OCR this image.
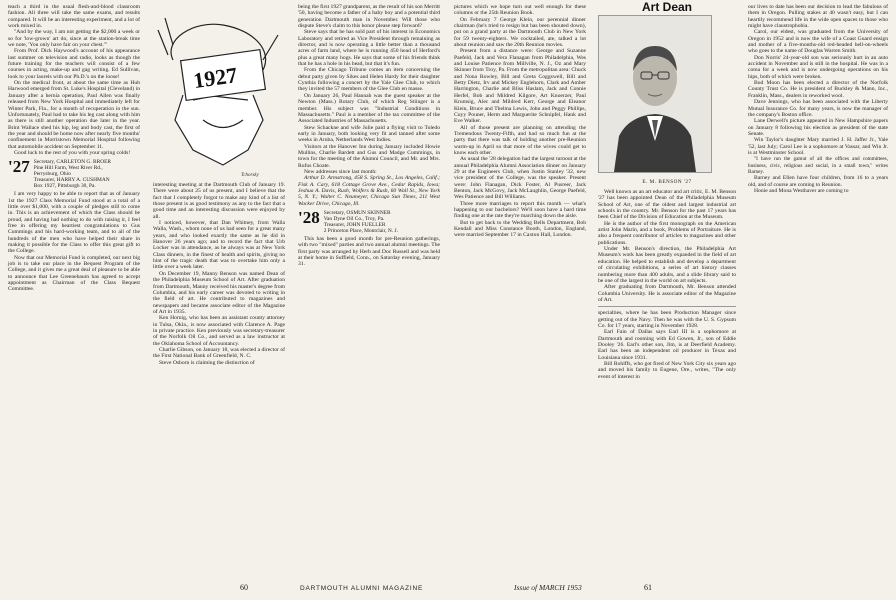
teach a third in the usual flesh-and-blood classroom fashion. All three will take the same exams, and results compared. It will be an interesting experiment, and a lot of work mixed in.

"And by the way, I am not getting the $2,000 a week or so for 'low-grown' art do, since at the station-break time we note, 'You only have fair on your chest.'"

From Prof. Dick Haywood's account of his appearance last summer on television and radio, looks as though the future training for the teachers will consist of a few courses in acting, make-up and gag writing. Ed Sullivan, look to your laurels with our Ph.D.'s on the loose!

On the medical front, at about the same time as Hub Harwood emerged from St. Luke's Hospital (Cleveland) in January after a hernia operation, Paul Allen was finally released from New York Hospital and immediately left for Winter Park, Fla., for a month of recuperation in the sun. Unfortunately, Paul had to take his leg cast along with him as there is still another operation due later in the year. Brint Wallace shed his hip, leg and body cast, the first of the year and should be home now after nearly five months' confinement in Morristown Memorial Hospital following that automobile accident on September 11.

Good luck to the rest of you with your spring colds!

'27 Secretary, CARLETON G. BROER
Pine Hill Farm, West River Rd.,
Perrysburg, Ohio
Treasurer, HARRY A. CUSHMAN
Box 1927, Pittsburgh 30, Pa.

I am very happy to be able to report that as of January 1st the 1927 Class Memorial Fund stood at a total of a little over $1,000, with a couple of pledges still to come in. This is an achievement of which the Class should be proud, and having had nothing to do with raising it, I feel free in offering my heartiest congratulations to Gus Cummings and his hard-working team, and to all of the hundreds of the men who have helped their share in making it possible for the Class to offer this great gift to the College.

Now that our Memorial Fund is completed, our next big job is to take our place in the Bequest Program of the College, and it gives me a great deal of pleasure to be able to announce that Lee Greenebaum has agreed to accept appointment as Chairman of the Class Bequest Committee.

1927
Tchorsky

interesting meeting at the Dartmouth Club of January 19. There were about 25 of us present, and I believe that the fact that I completely forgot to make any kind of a list of those present is as good testimony as any to the fact that a good time and an interesting discussion were enjoyed by all.

I noticed, however, that Dan Whitney, from Walla Walla, Wash., whom none of us had seen for a great many years, and who looked exactly the same as he did in Hanover 26 years ago; and to record the fact that Urb Locker was in attendance, as he always was at New York Class dinners, in the finest of health and spirits, giving no hint of the tragic death that was to overtake him only a little over a week later.

On December 19, Manny Benson was named Dean of the Philadelphia Museum School of Art. After graduation from Dartmouth, Manny received his master's degree from Columbia, and his early career was devoted to writing in the field of art. He contributed to magazines and newspapers and became associate editor of the Magazine of Art in 1935.

Ken Hornig, who has been an assistant county attorney in Tulsa, Okla., is now associated with Clarence A. Page in private practice. Ken previously was secretary-treasurer of the Norfolk Oil Co., and served as a law instructor at the Oklahoma School of Accountancy.

Charlie Gibson, on January 18, was elected a director of the First National Bank of Greenfield, N. C.

Steve Osborn is claiming the distinction of

being the first 1927 grandparent, as the result of his son Merritt '50, having become a father of a baby boy and a potential third generation Dartmouth man in November. Will those who dispute Steve's claim to this honor please step forward?

Steve says that he has sold part of his interest in Economics Laboratory and retired as Vice President through remaining as director, and is now operating a little better than a thousand acres of farm land, where he is running 450 head of Herford's plus a great many hogs. He says that some of his friends think that he has a hole in his head, but that it's fun.

From the Chicago Tribune comes an item concerning the debut party given by Sikes and Helen Hardy for their daughter Cynthia following a concert by the Yale Glee Club, to which they invited the 57 members of the Glee Club en masse.

On January 26, Paul Hannah was the guest speaker at the Newton (Mass.) Rotary Club, of which Reg Stiinger is a member. His subject was "Industrial Conditions in Massachusetts." Paul is a member of the tax committee of the Associated Industries of Massachusetts.

Stew Schackne and wife Julie paid a flying visit to Toledo early in January, both looking very fit and tanned after some weeks in Aruba, Netherlands West Indies.

Visitors at the Hanover Inn during January included Howie Mullins, Charlie Bardett and Gus and Madge Cummings, in town for the meeting of the Alumni Council, and Mr. and Mrs. Rufus Choate.

New addresses since last month:

Arthur D. Armstrong, 458 S. Spring St., Los Angeles, Calif.; Fisk A. Cary, 618 Cottage Grove Ave., Cedar Rapids, Iowa; Jeshua A. Davis, Rush, Wolfers & Rush, 60 Wall St., New York 5, N. Y.; Walter C. Neumeyer, Chicago Sun Times, 211 West Wacker Drive, Chicago, Ill.

'28 Secretary, OSMUN SKINNER
Van Dyne Oil Co., Troy, Pa.
Treasurer, JOHN FUELLER
2 Princeton Place, Montclair, N. J.

This has been a good month for pre-Reunion gatherings, with two "mixed" parties and two annual alumni meetings. The first party was arranged by Herb and Doc Russell and was held at their home in Suffield, Conn., on Saturday evening, January 31.

60	DARTMOUTH ALUMNI MAGAZINE

pictures which we hope turn out well enough for these columns or the 25th Reunion Book.

On February 7 George Klein, our perennial dinner chairman (he's tried to resign but has been shouted down), put on a grand party at the Dartmouth Club in New York for 59 twenty-eighters. We cocktailed, ate, talked a lot about reunion and saw the 20th Reunion movies.

Present from a distance were: George and Suzanne Paefeld, Jack and Vera Flanagan from Philadelphia, Wes and Louise Patience from Millville, N. J., Oz and Mary Skinner from Troy, Pa. From the metropolitan area: Chuck and Nona Rowley, Bill and Greta Coggswell, Bill and Betty Dietz, Irv and Mickey Englehorn, Clark and Amber Harrington, Charlie and Bliss Haslam, Jack and Connie Herfel, Bob and Mildred Kilgore, Art Knoerzer, Paul Krumsig, Alec and Mildred Kerr, George and Eleanor Klein, Bruce and Thelma Lewis, John and Peggy Phillips, Cuyy Pouner, Herm and Marguerite Schnipfel, Hank and Eve Walker.

All of those present are planning on attending the Tremendous Twenty-Fifth, and had so much fun at the party that there was talk of holding another pre-Reunion warm-up in April so that more of the wives could get to know each other.

As usual the '28 delegation had the largest turnout at the annual Philadelphia Alumni Association dinner on January 29 at the Engineers Club, when Justin Stanley '32, new vice president of the College, was the speaker. Present were: John Flanagan, Dick Foster, Al Pusreer, Jack Benton, Jack McGovy, Jack McLaughlin, George Paefeld, Wes Patience and Bill Williams.

Three more marriages to report this month — what's happening to our bachelors? We'll soon have a hard time finding one at the rate they're marching down the aisle.

But to get back to the Wedding Bells Department, Bob Kendall and Miss Constance Booth, London, England, were married September 17 in Caxton Hall, London.

Art Dean
E. M. BENSON '27

Well known as an art educator and art critic, E. M. Benson '27 has been appointed Dean of the Philadelphia Museum School of Art, one of the oldest and largest industrial art schools in the country. Mr. Benson for the past 17 years has been Chief of the Division of Education at the Museum.

He is the author of the first monograph on the American artist John Marin, and a book, Problems of Portraiture. He is also a frequent contributor of articles to magazines and other publications.

Under Mr. Benson's direction, the Philadelphia Art Museum's work has been greatly expanded in the field of art education. He helped to establish and develop a department of circulating exhibitions, a series of art history classes numbering more than 400 adults, and a slide library said to be one of the largest in the world on art subjects.

After graduating from Dartmouth, Mr. Benson attended Columbia University. He is associate editor of the Magazine of Art.

specialties, where he has been Production Manager since getting out of the Navy. Then he was with the U. S. Gypsum Co. for 17 years, starting in November 1928.

Earl Fain of Dallas says Earl III is a sophomore at Dartmouth and rooming with Ed Gowen, Jr., son of Eddie Dooley '26. Earl's other son, Jim, is at Deerfield Academy. Earl has been an independent oil producer in Texas and Louisiana since 1931.

Bill Rohlffs, who got fired of New York City six years ago and moved his family to Eugene, Ore., writes, "The only event of interest in

our lives to date has been our decision to lead the fabulous of them in Oregon. Pulling stakes at 40 wasn't easy, but I can heartily recommend life in the wide open spaces to those who might have claustrophobia.

Carol, our eldest, was graduated from the University of Oregon in 1952 and is now the wife of a Coast Guard ensign and mother of a five-months-old red-headed hell-on-wheels who goes to the name of Douglas Warren Smith.

Don Norris' 24-year-old son was seriously hurt in an auto accident in November and is still in the hospital. He was in a coma for a week and is now undergoing operations on his hips, both of which were broken.

Bud Moon has been elected a director of the Norfolk County Trust Co. He is president of Buckley & Mann, Inc., Franklin, Mass., dealers in reworked wool.

Dave Jennings, who has been associated with the Liberty Mutual Insurance Co. for many years, is now the manager of the company's Boston office.

Lane Derwell's picture appeared in New Hampshire papers on January 8 following his election as president of the state Senate.

Win Taylor's daughter Mary married J. H. Jaffer Jr., Yale '52, last July; Carol Lee is a sophomore at Vassar, and Win Jr. is at Westminster School.

"I have run the gamut of all the offices and committees, business, civic, religious and social, in a small town," writes Barney.

Barney and Ellen have four children, from 16 to a years old, and of course are coming to Reunion.

Honie and Mona Westhaver are coming to

Issue of MARCH 1953	61
